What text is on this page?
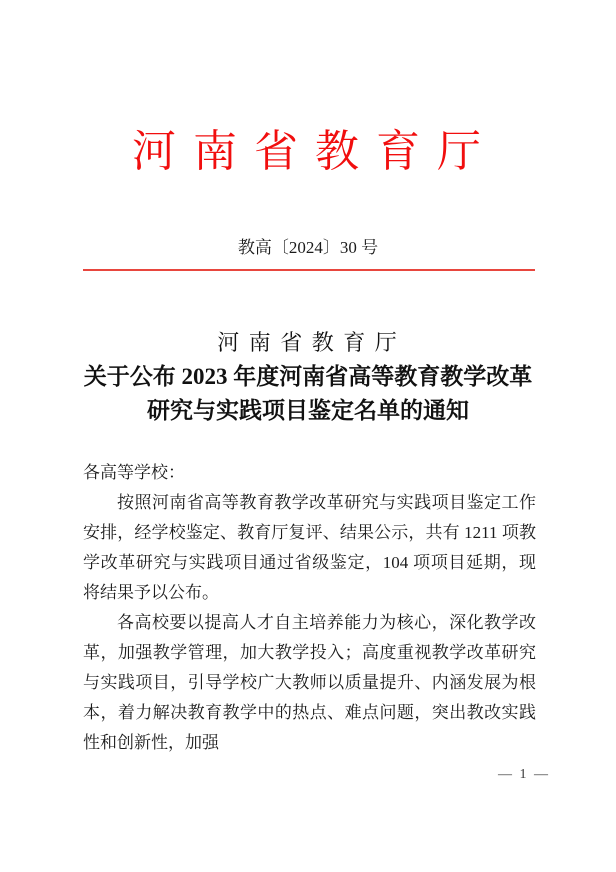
河 南 省 教 育 厅
教高〔2024〕30 号
河 南 省 教 育 厅
关于公布 2023 年度河南省高等教育教学改革
研究与实践项目鉴定名单的通知
各高等学校：

按照河南省高等教育教学改革研究与实践项目鉴定工作安排，经学校鉴定、教育厅复评、结果公示，共有 1211 项教学改革研究与实践项目通过省级鉴定，104 项项目延期，现将结果予以公布。

各高校要以提高人才自主培养能力为核心，深化教学改革，加强教学管理，加大教学投入；高度重视教学改革研究与实践项目，引导学校广大教师以质量提升、内涵发展为根本，着力解决教育教学中的热点、难点问题，突出教改实践性和创新性，加强

— 1 —
